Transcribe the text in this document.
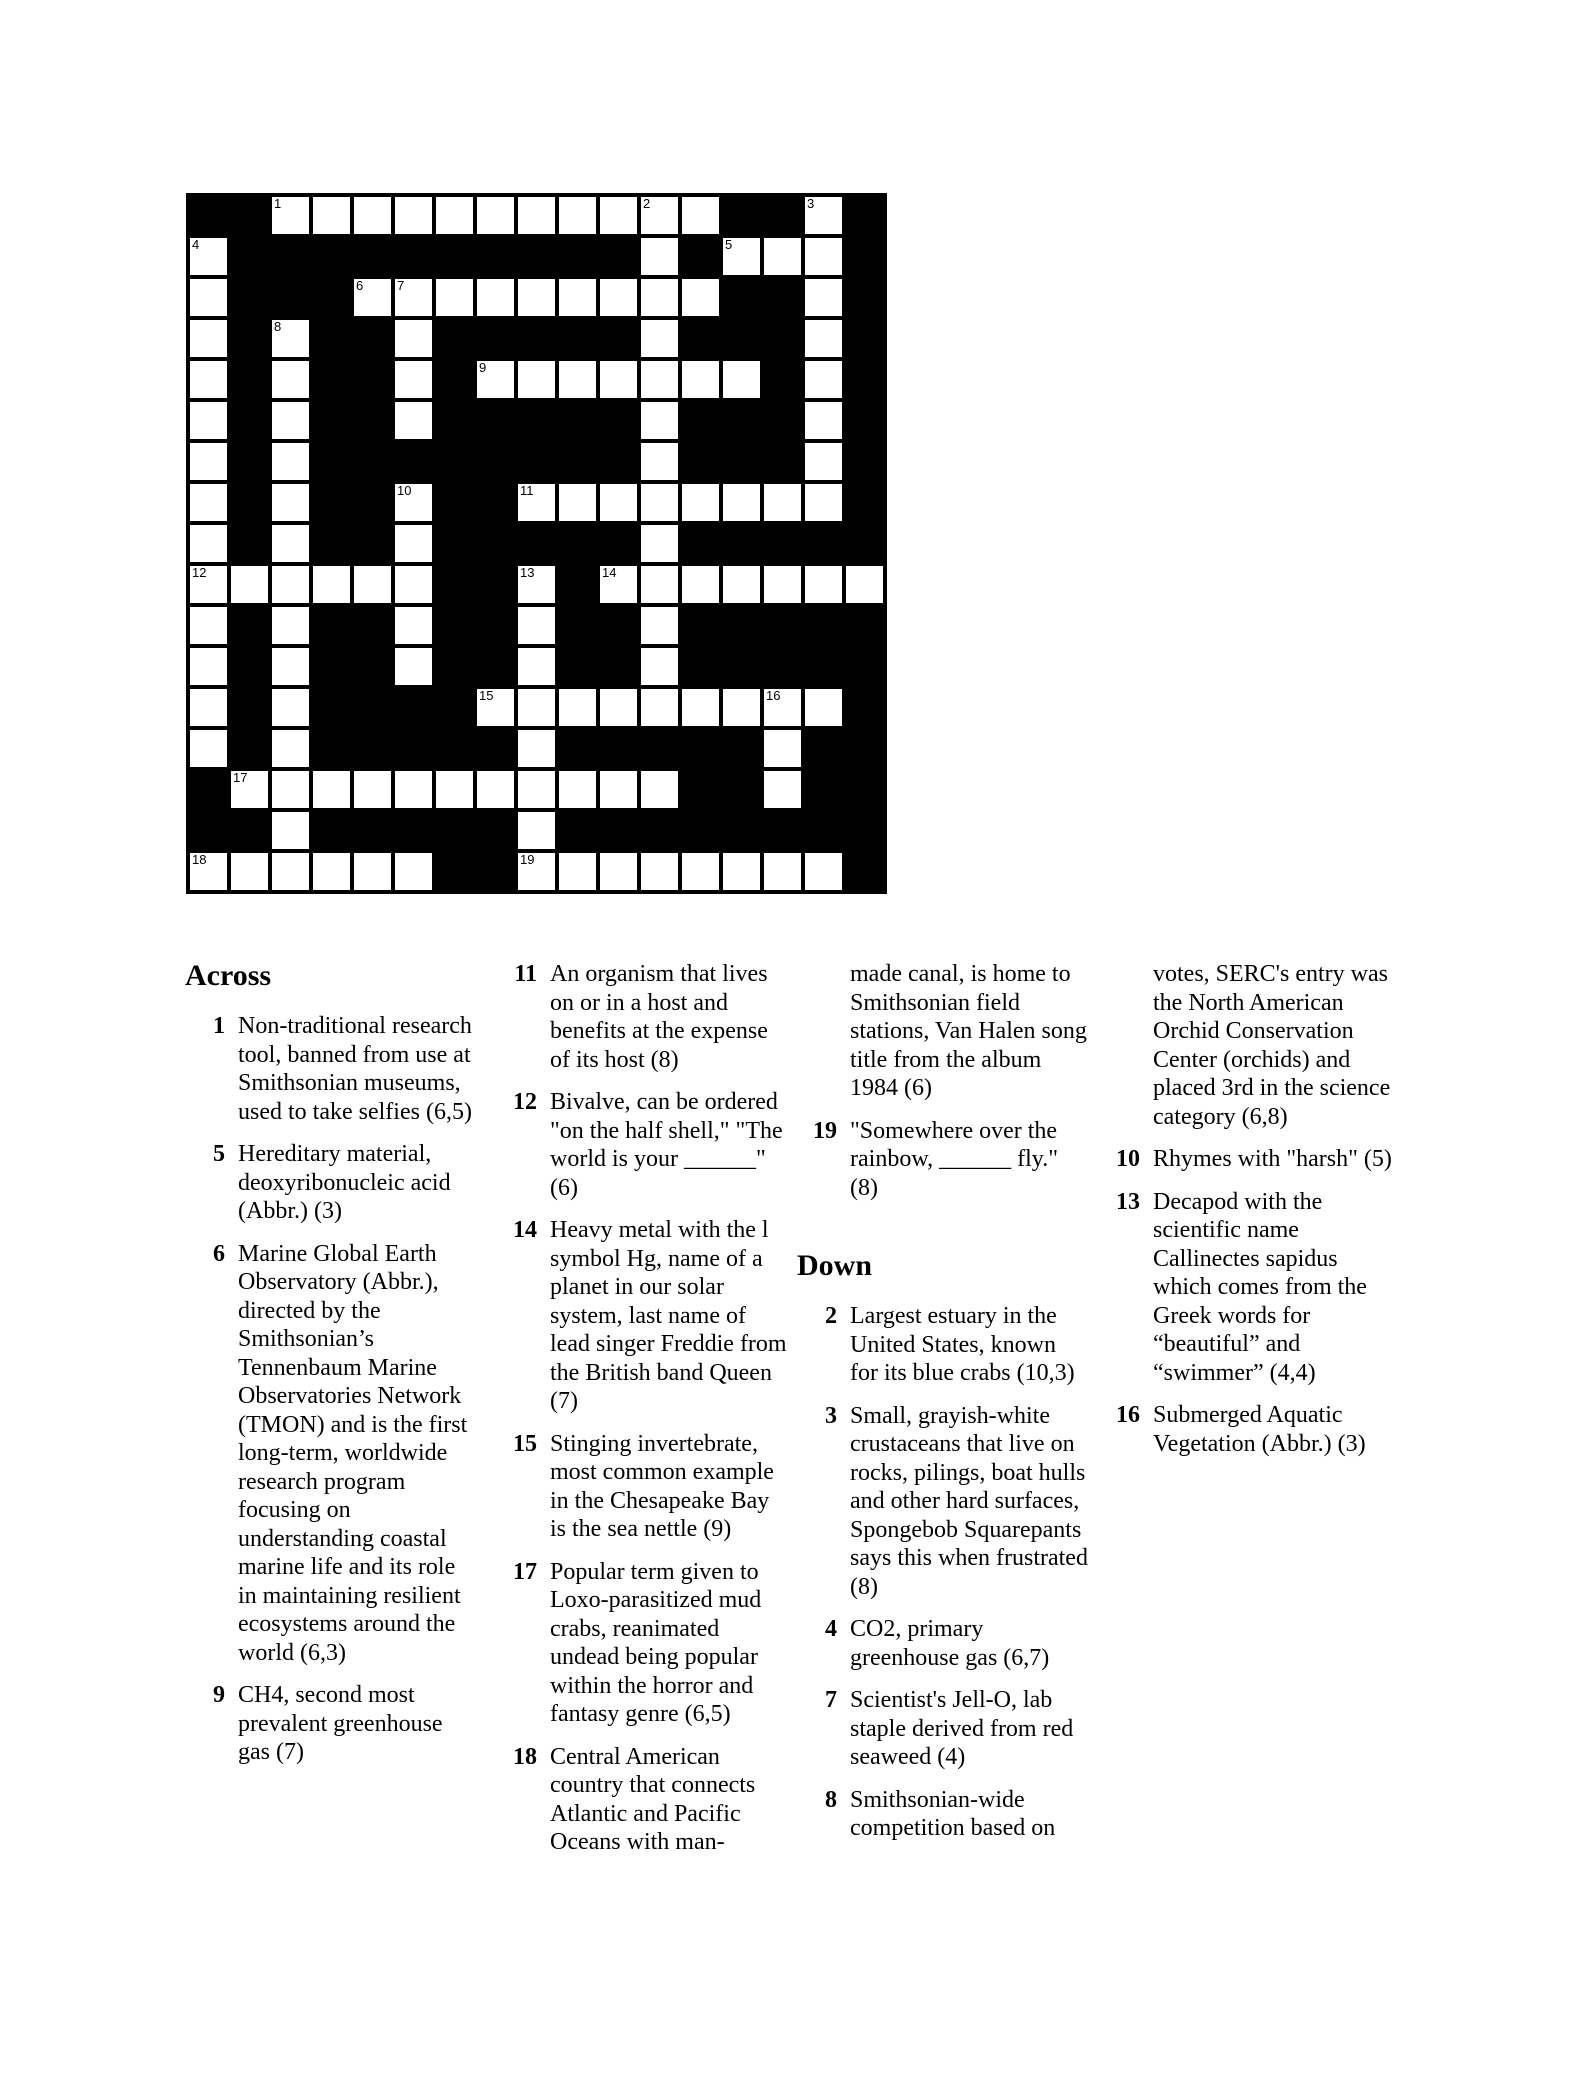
1	2	3
4	5
6	7
8
9
10	11
12	13	14
15	16
17
18	19
Across
1 Non-traditional research tool, banned from use at Smithsonian museums, used to take selfies (6,5)
5 Hereditary material, deoxyribonucleic acid (Abbr.) (3)
6 Marine Global Earth Observatory (Abbr.), directed by the Smithsonian’s Tennenbaum Marine Observatories Network (TMON) and is the first long-term, worldwide research program focusing on understanding coastal marine life and its role in maintaining resilient ecosystems around the world (6,3)
9 CH4, second most prevalent greenhouse gas (7)
11 An organism that lives on or in a host and benefits at the expense of its host (8)
12 Bivalve, can be ordered "on the half shell," "The world is your ______" (6)
14 Heavy metal with the l symbol Hg, name of a planet in our solar system, last name of lead singer Freddie from the British band Queen (7)
15 Stinging invertebrate, most common example in the Chesapeake Bay is the sea nettle (9)
17 Popular term given to Loxo-parasitized mud crabs, reanimated undead being popular within the horror and fantasy genre (6,5)
18 Central American country that connects Atlantic and Pacific Oceans with man-
made canal, is home to Smithsonian field stations, Van Halen song title from the album 1984 (6)
19 "Somewhere over the rainbow, ______ fly." (8)
Down
2 Largest estuary in the United States, known for its blue crabs (10,3)
3 Small, grayish-white crustaceans that live on rocks, pilings, boat hulls and other hard surfaces, Spongebob Squarepants says this when frustrated (8)
4 CO2, primary greenhouse gas (6,7)
7 Scientist's Jell-O, lab staple derived from red seaweed (4)
8 Smithsonian-wide competition based on
votes, SERC's entry was the North American Orchid Conservation Center (orchids) and placed 3rd in the science category (6,8)
10 Rhymes with "harsh" (5)
13 Decapod with the scientific name Callinectes sapidus which comes from the Greek words for “beautiful” and “swimmer” (4,4)
16 Submerged Aquatic Vegetation (Abbr.) (3)
